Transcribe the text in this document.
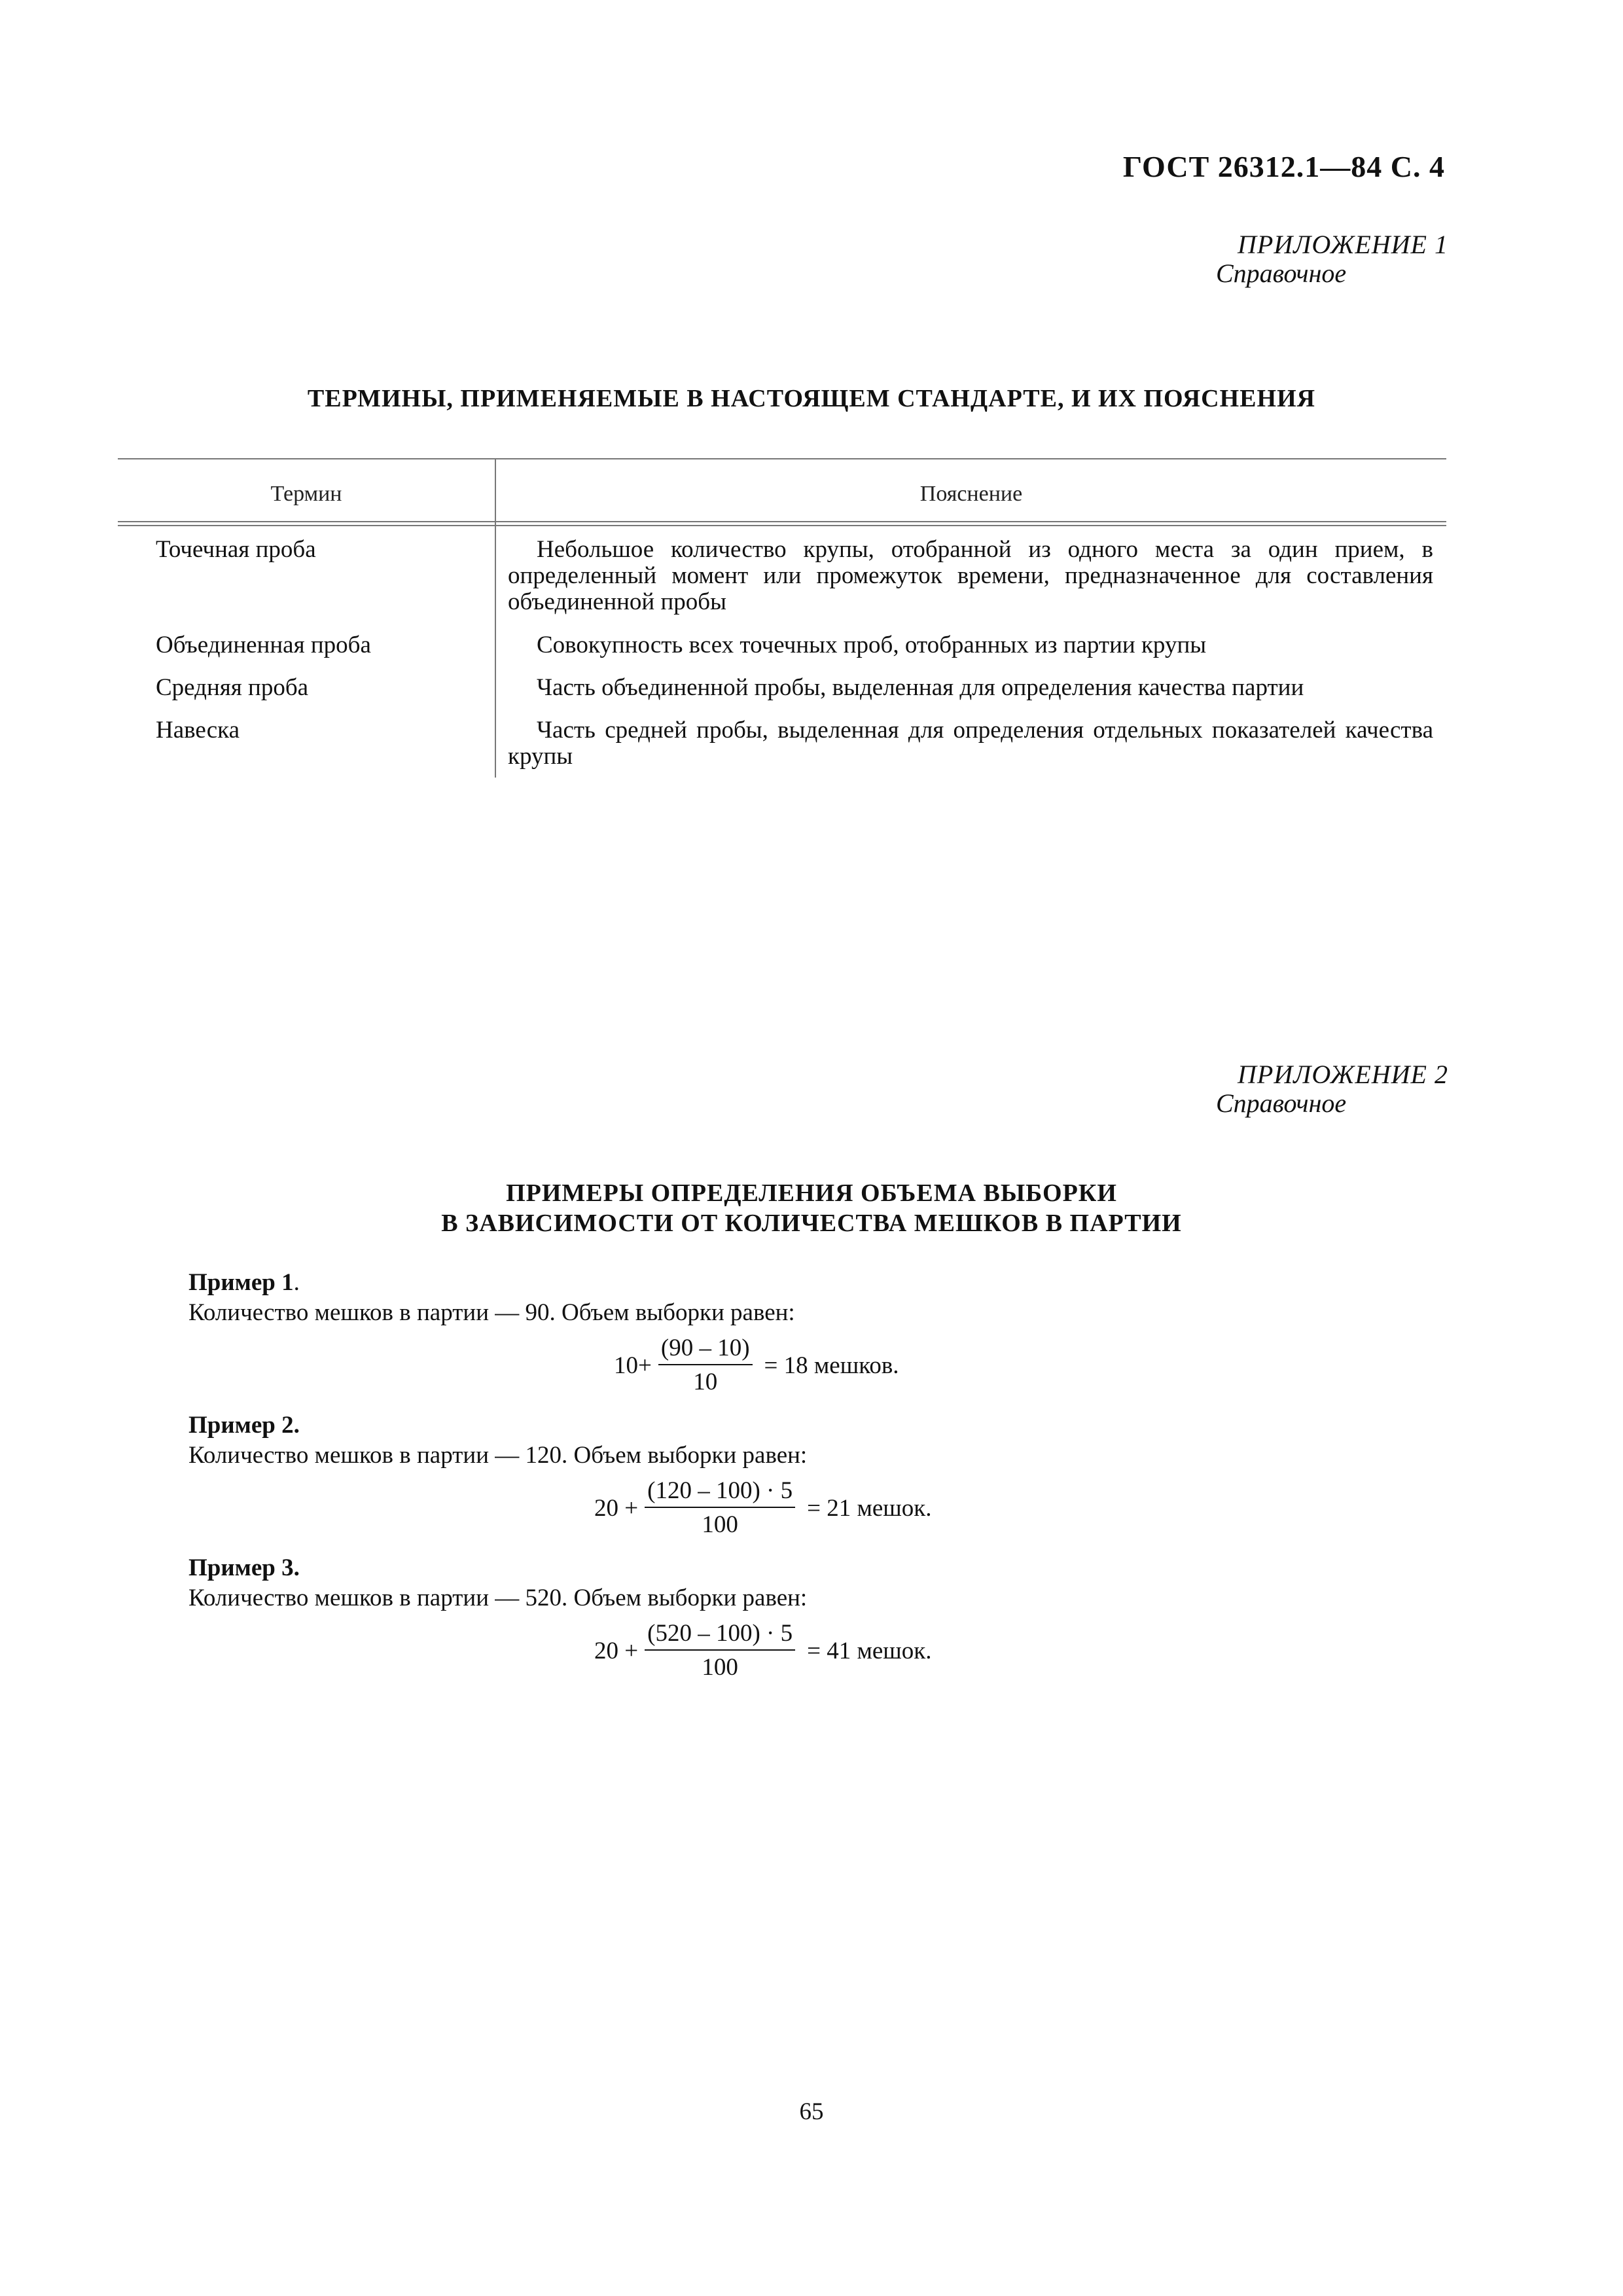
ГОСТ 26312.1—84 С. 4
ПРИЛОЖЕНИЕ 1
Справочное
ТЕРМИНЫ, ПРИМЕНЯЕМЫЕ В НАСТОЯЩЕМ СТАНДАРТЕ, И ИХ ПОЯСНЕНИЯ
Термин	Пояснение
Точечная проба	Небольшое количество крупы, отобранной из одного места за один прием, в определенный момент или промежуток времени, предназначенное для составления объединенной пробы
Объединенная проба	Совокупность всех точечных проб, отобранных из партии крупы
Средняя проба	Часть объединенной пробы, выделенная для определения качества партии
Навеска	Часть средней пробы, выделенная для определения отдельных показателей качества крупы
ПРИЛОЖЕНИЕ 2
Справочное
ПРИМЕРЫ ОПРЕДЕЛЕНИЯ ОБЪЕМА ВЫБОРКИ
В ЗАВИСИМОСТИ ОТ КОЛИЧЕСТВА МЕШКОВ В ПАРТИИ
Пример 1.
Количество мешков в партии — 90. Объем выборки равен:
$10+ \frac{(90 - 10)}{10} = 18$ мешков.
Пример 2.
Количество мешков в партии — 120. Объем выборки равен:
$20 + \frac{(120 - 100) \cdot 5}{100} = 21$ мешок.
Пример 3.
Количество мешков в партии — 520. Объем выборки равен:
$20 + \frac{(520 - 100) \cdot 5}{100} = 41$ мешок.
65
